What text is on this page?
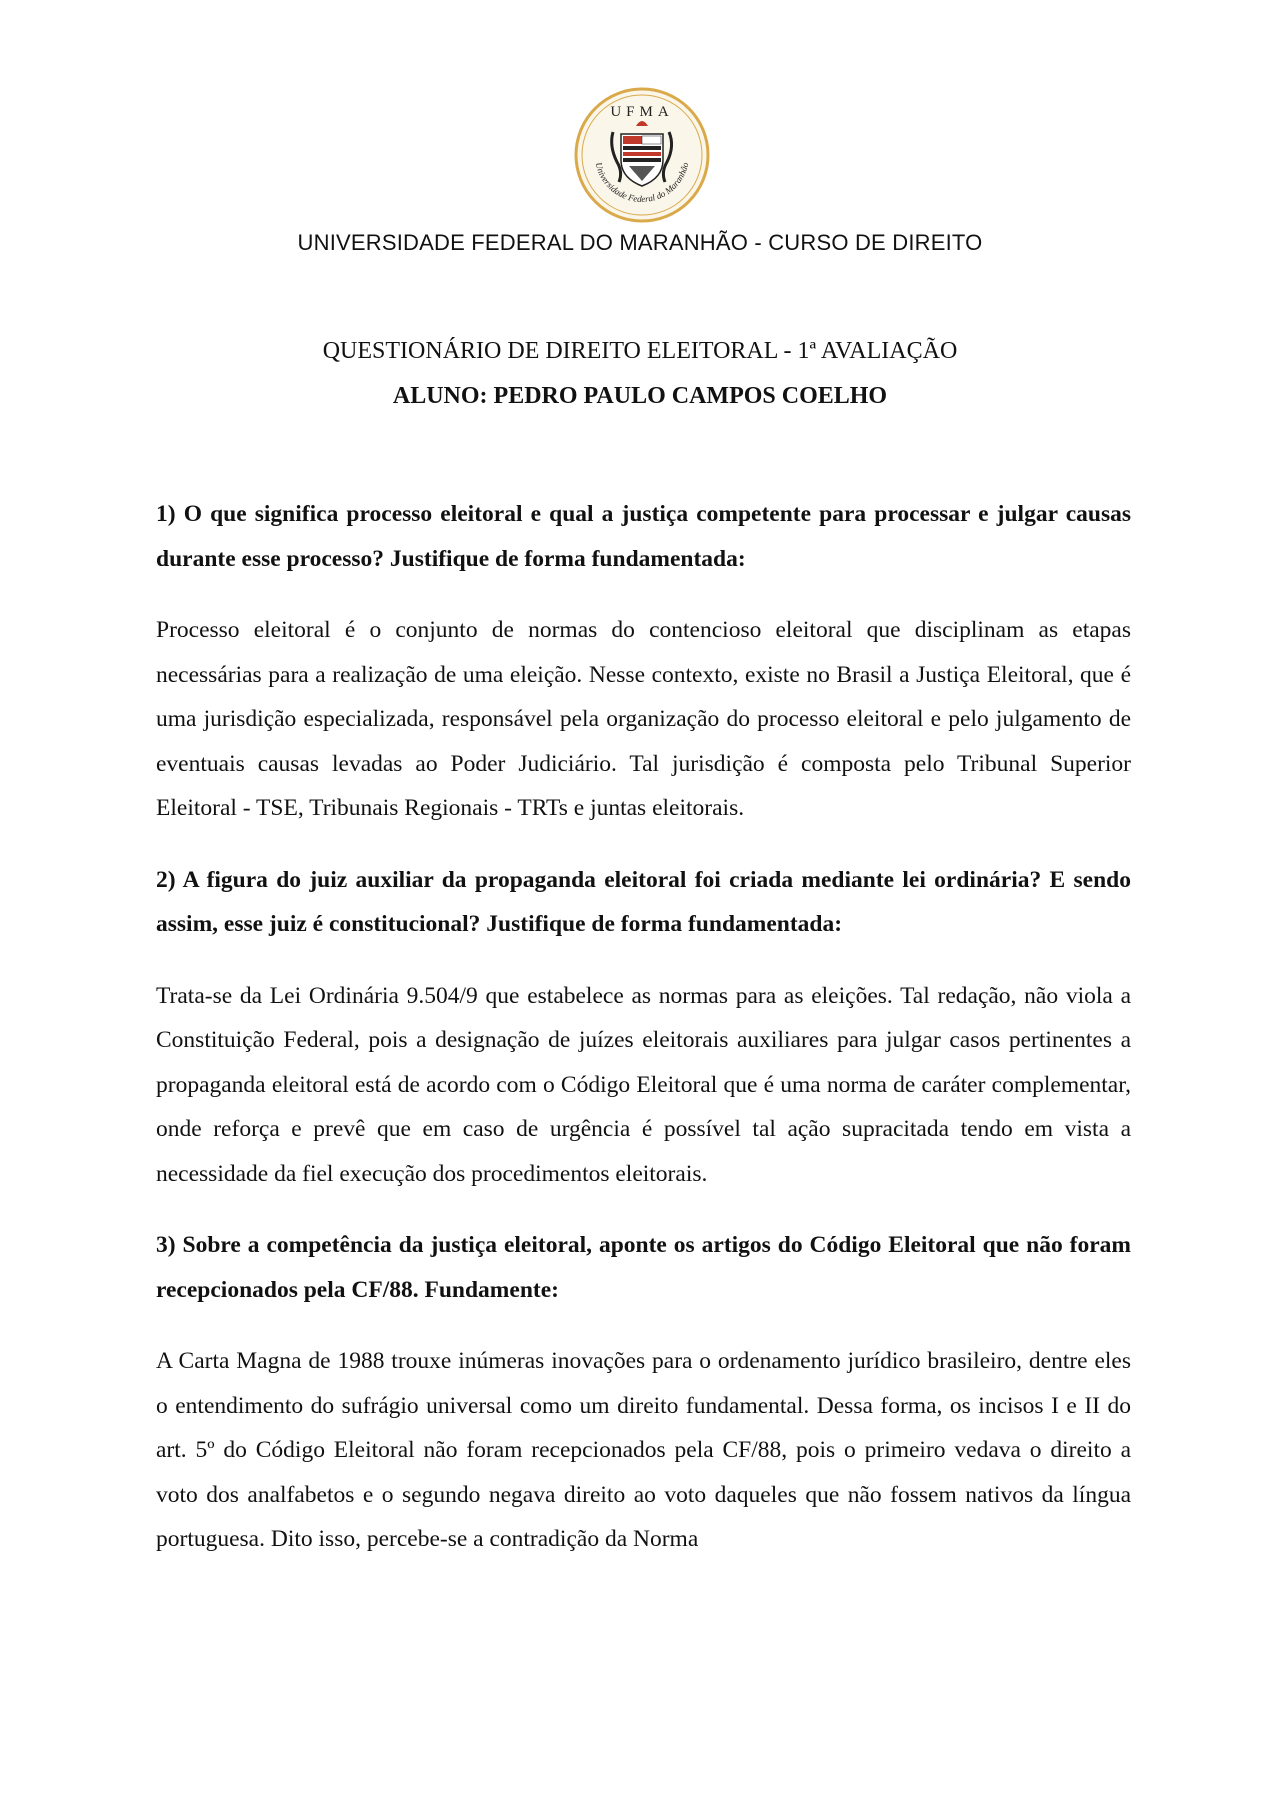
UFMA
Universidade Federal do Maranhão
UNIVERSIDADE FEDERAL DO MARANHÃO - CURSO DE DIREITO
QUESTIONÁRIO DE DIREITO ELEITORAL - 1ª AVALIAÇÃO
ALUNO: PEDRO PAULO CAMPOS COELHO

1) O que significa processo eleitoral e qual a justiça competente para processar e julgar causas durante esse processo? Justifique de forma fundamentada:

Processo eleitoral é o conjunto de normas do contencioso eleitoral que disciplinam as etapas necessárias para a realização de uma eleição. Nesse contexto, existe no Brasil a Justiça Eleitoral, que é uma jurisdição especializada, responsável pela organização do processo eleitoral e pelo julgamento de eventuais causas levadas ao Poder Judiciário. Tal jurisdição é composta pelo Tribunal Superior Eleitoral - TSE, Tribunais Regionais - TRTs e juntas eleitorais.

2) A figura do juiz auxiliar da propaganda eleitoral foi criada mediante lei ordinária? E sendo assim, esse juiz é constitucional? Justifique de forma fundamentada:

Trata-se da Lei Ordinária 9.504/9 que estabelece as normas para as eleições. Tal redação, não viola a Constituição Federal, pois a designação de juízes eleitorais auxiliares para julgar casos pertinentes a propaganda eleitoral está de acordo com o Código Eleitoral que é uma norma de caráter complementar, onde reforça e prevê que em caso de urgência é possível tal ação supracitada tendo em vista a necessidade da fiel execução dos procedimentos eleitorais.

3) Sobre a competência da justiça eleitoral, aponte os artigos do Código Eleitoral que não foram recepcionados pela CF/88. Fundamente:

A Carta Magna de 1988 trouxe inúmeras inovações para o ordenamento jurídico brasileiro, dentre eles o entendimento do sufrágio universal como um direito fundamental. Dessa forma, os incisos I e II do art. 5º do Código Eleitoral não foram recepcionados pela CF/88, pois o primeiro vedava o direito a voto dos analfabetos e o segundo negava direito ao voto daqueles que não fossem nativos da língua portuguesa. Dito isso, percebe-se a contradição da Norma
